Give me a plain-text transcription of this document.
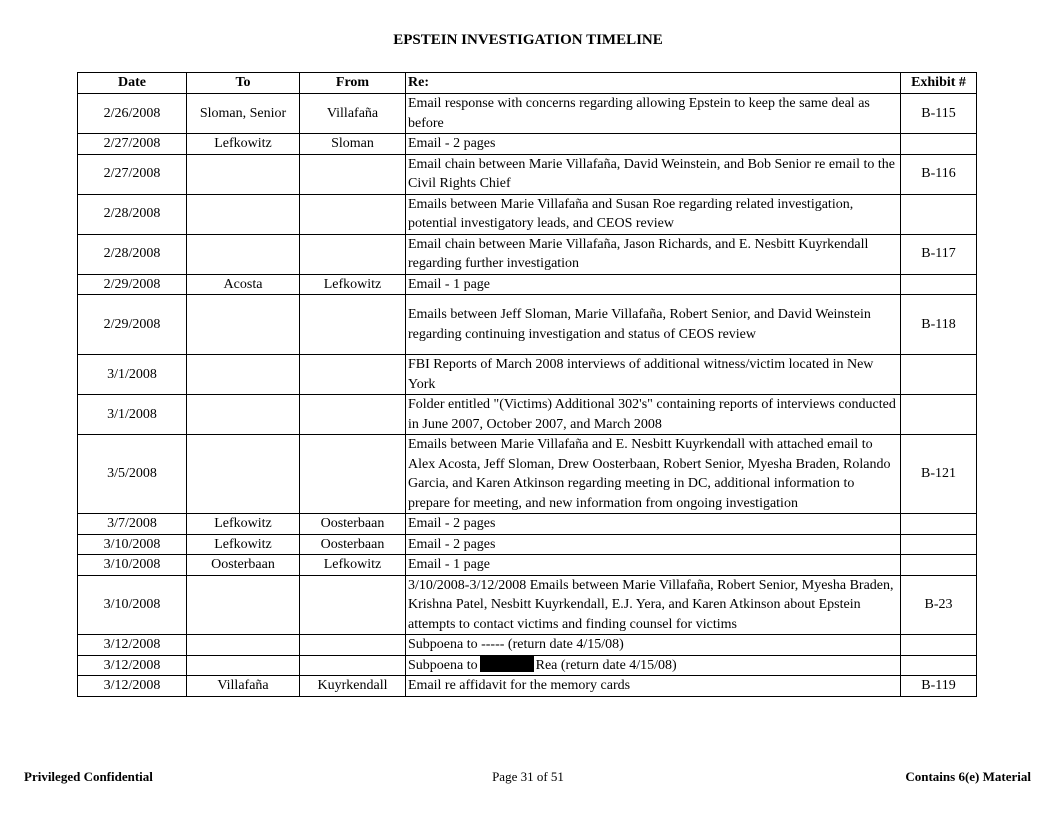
EPSTEIN INVESTIGATION TIMELINE
Date	To	From	Re:	Exhibit #
2/26/2008	Sloman, Senior	Villafaña	Email response with concerns regarding allowing Epstein to keep the same deal as before	B-115
2/27/2008	Lefkowitz	Sloman	Email - 2 pages	
2/27/2008			Email chain between Marie Villafaña, David Weinstein, and Bob Senior re email to the Civil Rights Chief	B-116
2/28/2008			Emails between Marie Villafaña and Susan Roe regarding related investigation, potential investigatory leads, and CEOS review	
2/28/2008			Email chain between Marie Villafaña, Jason Richards, and E. Nesbitt Kuyrkendall regarding further investigation	B-117
2/29/2008	Acosta	Lefkowitz	Email - 1 page	
2/29/2008			Emails between Jeff Sloman, Marie Villafaña, Robert Senior, and David Weinstein regarding continuing investigation and status of CEOS review	B-118
3/1/2008			FBI Reports of March 2008 interviews of additional witness/victim located in New York	
3/1/2008			Folder entitled "(Victims) Additional 302's" containing reports of interviews conducted in June 2007, October 2007, and March 2008	
3/5/2008			Emails between Marie Villafaña and E. Nesbitt Kuyrkendall with attached email to Alex Acosta, Jeff Sloman, Drew Oosterbaan, Robert Senior, Myesha Braden, Rolando Garcia, and Karen Atkinson regarding meeting in DC, additional information to prepare for meeting, and new information from ongoing investigation	B-121
3/7/2008	Lefkowitz	Oosterbaan	Email - 2 pages	
3/10/2008	Lefkowitz	Oosterbaan	Email - 2 pages	
3/10/2008	Oosterbaan	Lefkowitz	Email - 1 page	
3/10/2008			3/10/2008-3/12/2008 Emails between Marie Villafaña, Robert Senior, Myesha Braden, Krishna Patel, Nesbitt Kuyrkendall, E.J. Yera, and Karen Atkinson about Epstein attempts to contact victims and finding counsel for victims	B-23
3/12/2008			Subpoena to ----- (return date 4/15/08)	
3/12/2008			Subpoena to Rea (return date 4/15/08)	
3/12/2008	Villafaña	Kuyrkendall	Email re affidavit for the memory cards	B-119
Privileged Confidential	Page 31 of 51	Contains 6(e) Material
